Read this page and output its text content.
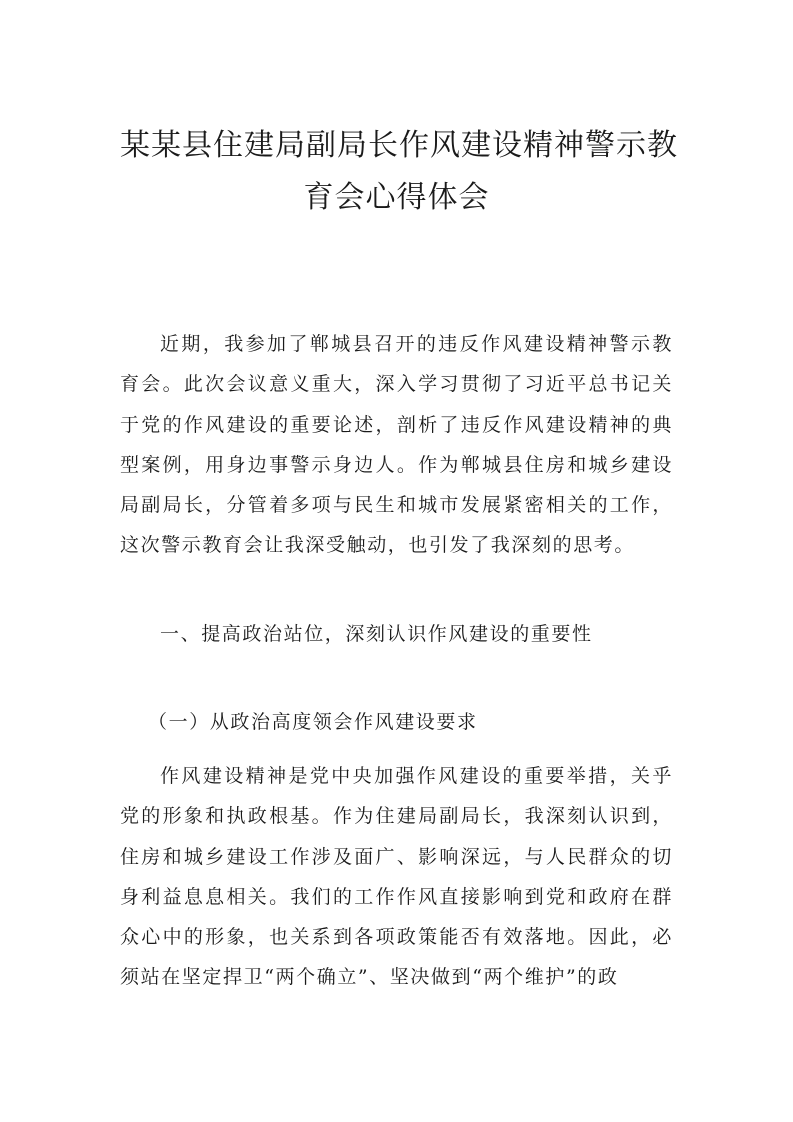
某某县住建局副局长作风建设精神警示教
育会心得体会

近期，我参加了郸城县召开的违反作风建设精神警示教育会。此次会议意义重大，深入学习贯彻了习近平总书记关于党的作风建设的重要论述，剖析了违反作风建设精神的典型案例，用身边事警示身边人。作为郸城县住房和城乡建设局副局长，分管着多项与民生和城市发展紧密相关的工作，这次警示教育会让我深受触动，也引发了我深刻的思考。

一、提高政治站位，深刻认识作风建设的重要性

（一）从政治高度领会作风建设要求

作风建设精神是党中央加强作风建设的重要举措，关乎党的形象和执政根基。作为住建局副局长，我深刻认识到，住房和城乡建设工作涉及面广、影响深远，与人民群众的切身利益息息相关。我们的工作作风直接影响到党和政府在群众心中的形象，也关系到各项政策能否有效落地。因此，必须站在坚定捍卫“两个确立”、坚决做到“两个维护”的政
